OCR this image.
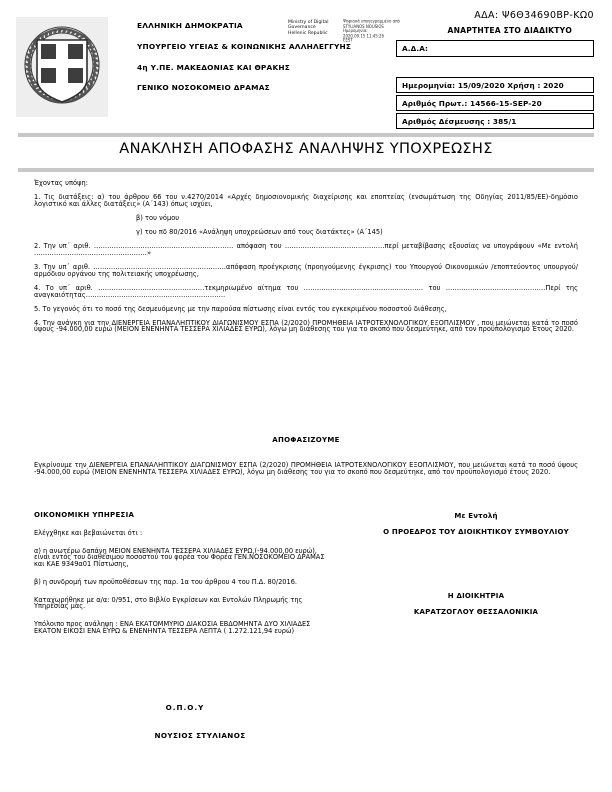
ΕΛΛΗΝΙΚΗ ΔΗΜΟΚΡΑΤΙΑ
ΥΠΟΥΡΓΕΙΟ ΥΓΕΙΑΣ & ΚΟΙΝΩΝΙΚΗΣ ΑΛΛΗΛΕΓΓΥΗΣ
4η Υ.ΠΕ. ΜΑΚΕΔΟΝΙΑΣ ΚΑΙ ΘΡΑΚΗΣ
ΓΕΝΙΚΟ ΝΟΣΟΚΟΜΕΙΟ ΔΡΑΜΑΣ
Ministry of Digital
Governance
Hellenic Republic
Ψηφιακά υπογεγραμμένο από
STYLIANOS NOUSIOS
Ημερομηνία:
2020.09.15 11:45:26
EEST
ΑΔΑ: Ψ6Θ34690ΒΡ-ΚΩ0
ΑΝΑΡΤΗΤΕΑ ΣΤΟ ΔΙΑΔΙΚΤΥΟ
Α.Δ.Α:
Ημερομηνία: 15/09/2020 Χρήση : 2020
Αριθμός Πρωτ.: 14566-15-SEP-20
Αριθμός Δέσμευσης : 385/1
ΑΝΑΚΛΗΣΗ ΑΠΟΦΑΣΗΣ ΑΝΑΛΗΨΗΣ ΥΠΟΧΡΕΩΣΗΣ

Έχοντας υπόψη:

1. Τις διατάξεις: α) του άρθρου 66 του ν.4270/2014 «Αρχές δημοσιονομικής διαχείρισης και εποπτείας (ενσωμάτωση της Οδηγίας 2011/85/ΕΕ)-δημόσιο λογιστικό και άλλες διατάξεις» (Α΄143) όπως ισχύει,

β) του νόμου

γ) του πδ 80/2016 «Ανάληψη υποχρεώσεων από τους διατάκτες» (Α΄145)

2. Την υπ΄ αριθ. ……………………………………………………… απόφαση του ………………………………………περί μεταβίβασης εξουσίας να υπογράφουν «Με εντολή ……………………………………………»

3. Την υπ΄ αριθ. ……………………………………………………απόφαση προέγκρισης (προηγούμενης έγκρισης) του Υπουργού Οικονομικών /εποπτεύοντος υπουργού/αρμόδιου οργάνου της πολιτειακής υποχρέωσης,

4. Το υπ΄ αριθ. …………………………………………τεκμηριωμένο αίτημα του ……………………………………………… του ………………………………………Περί της αναγκαιότητας………………………………………………………

5. Το γεγονός ότι το ποσό της δεσμευόμενης με την παρούσα πίστωσης είναι εντός του εγκεκριμένου ποσοστού διάθεσης,

4. Την ανάγκη για την ΔΙΕΝΕΡΓΕΙΑ ΕΠΑΝΑΛΗΠΤΙΚΟΥ ΔΙΑΓΩΝΙΣΜΟΥ ΕΣΠΑ (2/2020) ΠΡΟΜΗΘΕΙΑ ΙΑΤΡΟΤΕΧΝΟΛΟΓΙΚΟΥ ΕΞΟΠΛΙΣΜΟΥ , που μειώνεται κατά το ποσό ύψους -94.000,00 ευρώ (ΜΕΙΟΝ ΕΝΕΝΗΝΤΑ ΤΕΣΣΕΡΑ ΧΙΛΙΑΔΕΣ ΕΥΡΩ), λόγω μη διάθεσης του για το σκοπό που δεσμεύτηκε, από τον προϋπολογισμό Έτους 2020.

ΑΠΟΦΑΣΙΖΟΥΜΕ

Εγκρίνουμε την ΔΙΕΝΕΡΓΕΙΑ ΕΠΑΝΑΛΗΠΤΙΚΟΥ ΔΙΑΓΩΝΙΣΜΟΥ ΕΣΠΑ (2/2020) ΠΡΟΜΗΘΕΙΑ ΙΑΤΡΟΤΕΧΝΟΛΟΓΙΚΟΥ ΕΞΟΠΛΙΣΜΟΥ, που μειώνεται κατά το ποσό ύψους -94.000,00 ευρώ (ΜΕΙΟΝ ΕΝΕΝΗΝΤΑ ΤΕΣΣΕΡΑ ΧΙΛΙΑΔΕΣ ΕΥΡΩ), λόγω μη διάθεσης του για το σκοπό που δεσμεύτηκε, από τον προϋπολογισμό έτους 2020.

ΟΙΚΟΝΟΜΙΚΗ ΥΠΗΡΕΣΙΑ

Ελέγχθηκε και βεβαιώνεται ότι :

α) η ανωτέρω δαπάνη ΜΕΙΟΝ ΕΝΕΝΗΝΤΑ ΤΕΣΣΕΡΑ ΧΙΛΙΑΔΕΣ ΕΥΡΩ,(-94.000,00 ευρώ), είναι εντός του διαθέσιμου ποσοστού του φορέα του Φορέα ΓΕΝ.ΝΟΣΟΚΟΜΕΙΟ ΔΡΑΜΑΣ και ΚΑΕ 9349α01 Πίστωσης,

β) η συνδρομή των προϋποθέσεων της παρ. 1α του άρθρου 4 του Π.Δ. 80/2016.

Καταχωρήθηκε με α/α: 0/951, στο Βιβλίο Εγκρίσεων και Εντολών Πληρωμής της Υπηρεσίας μας.

Υπόλοιπο προς ανάληψη : ΕΝΑ ΕΚΑΤΟΜΜΥΡΙΟ ΔΙΑΚΟΣΙΑ ΕΒΔΟΜΗΝΤΑ ΔΥΟ ΧΙΛΙΑΔΕΣ ΕΚΑΤΟΝ ΕΙΚΟΣΙ ΕΝΑ ΕΥΡΩ & ΕΝΕΝΗΝΤΑ ΤΕΣΣΕΡΑ ΛΕΠΤΑ ( 1.272.121,94 ευρώ)

Με Εντολή
Ο ΠΡΟΕΔΡΟΣ ΤΟΥ ΔΙΟΙΚΗΤΙΚΟΥ ΣΥΜΒΟΥΛΙΟΥ
Η ΔΙΟΙΚΗΤΡΙΑ
ΚΑΡΑΤΖΟΓΛΟΥ ΘΕΣΣΑΛΟΝΙΚΙΑ
Ο.Π.Ο.Υ
ΝΟΥΣΙΟΣ ΣΤΥΛΙΑΝΟΣ
